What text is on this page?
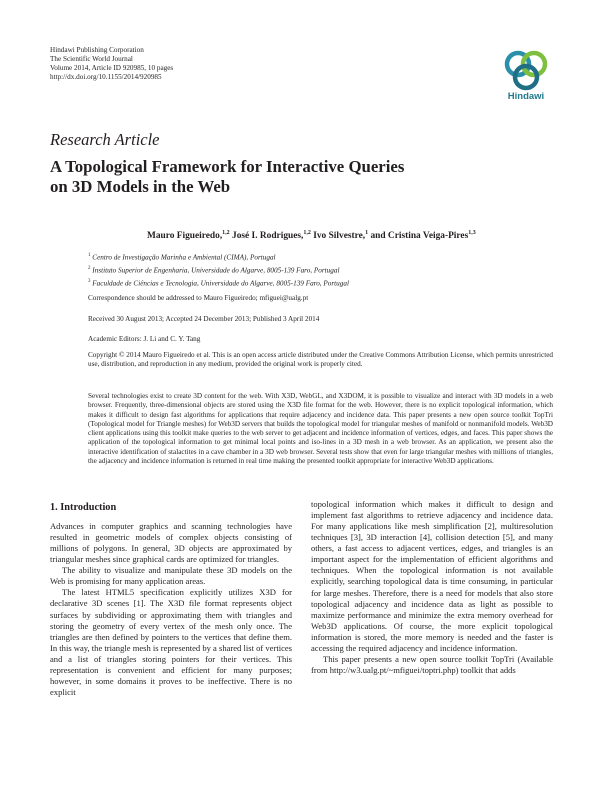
Hindawi Publishing Corporation
The Scientific World Journal
Volume 2014, Article ID 920985, 10 pages
http://dx.doi.org/10.1155/2014/920985
Hindawi
Research Article
A Topological Framework for Interactive Queries
on 3D Models in the Web
Mauro Figueiredo,$^{1,2}$ José I. Rodrigues,$^{1,2}$ Ivo Silvestre,$^1$ and Cristina Veiga-Pires$^{1,3}$
$^1$ Centro de Investigação Marinha e Ambiental (CIMA), Portugal
$^2$ Instituto Superior de Engenharia, Universidade do Algarve, 8005-139 Faro, Portugal
$^3$ Faculdade de Ciências e Tecnologia, Universidade do Algarve, 8005-139 Faro, Portugal
Correspondence should be addressed to Mauro Figueiredo; mfiguei@ualg.pt
Received 30 August 2013; Accepted 24 December 2013; Published 3 April 2014
Academic Editors: J. Li and C. Y. Tang
Copyright © 2014 Mauro Figueiredo et al. This is an open access article distributed under the Creative Commons Attribution License, which permits unrestricted use, distribution, and reproduction in any medium, provided the original work is properly cited.
Several technologies exist to create 3D content for the web. With X3D, WebGL, and X3DOM, it is possible to visualize and interact with 3D models in a web browser. Frequently, three-dimensional objects are stored using the X3D file format for the web. However, there is no explicit topological information, which makes it difficult to design fast algorithms for applications that require adjacency and incidence data. This paper presents a new open source toolkit TopTri (Topological model for Triangle meshes) for Web3D servers that builds the topological model for triangular meshes of manifold or nonmanifold models. Web3D client applications using this toolkit make queries to the web server to get adjacent and incidence information of vertices, edges, and faces. This paper shows the application of the topological information to get minimal local points and iso-lines in a 3D mesh in a web browser. As an application, we present also the interactive identification of stalactites in a cave chamber in a 3D web browser. Several tests show that even for large triangular meshes with millions of triangles, the adjacency and incidence information is returned in real time making the presented toolkit appropriate for interactive Web3D applications.
1. Introduction

Advances in computer graphics and scanning technologies have resulted in geometric models of complex objects consisting of millions of polygons. In general, 3D objects are approximated by triangular meshes since graphical cards are optimized for triangles.

The ability to visualize and manipulate these 3D models on the Web is promising for many application areas.

The latest HTML5 specification explicitly utilizes X3D for declarative 3D scenes [1]. The X3D file format represents object surfaces by subdividing or approximating them with triangles and storing the geometry of every vertex of the mesh only once. The triangles are then defined by pointers to the vertices that define them. In this way, the triangle mesh is represented by a shared list of vertices and a list of triangles storing pointers for their vertices. This representation is convenient and efficient for many purposes; however, in some domains it proves to be ineffective. There is no explicit

topological information which makes it difficult to design and implement fast algorithms to retrieve adjacency and incidence data. For many applications like mesh simplification [2], multiresolution techniques [3], 3D interaction [4], collision detection [5], and many others, a fast access to adjacent vertices, edges, and triangles is an important aspect for the implementation of efficient algorithms and techniques. When the topological information is not available explicitly, searching topological data is time consuming, in particular for large meshes. Therefore, there is a need for models that also store topological adjacency and incidence data as light as possible to maximize performance and minimize the extra memory overhead for Web3D applications. Of course, the more explicit topological information is stored, the more memory is needed and the faster is accessing the required adjacency and incidence information.

This paper presents a new open source toolkit TopTri (Available from http://w3.ualg.pt/~mfiguei/toptri.php) toolkit that adds
